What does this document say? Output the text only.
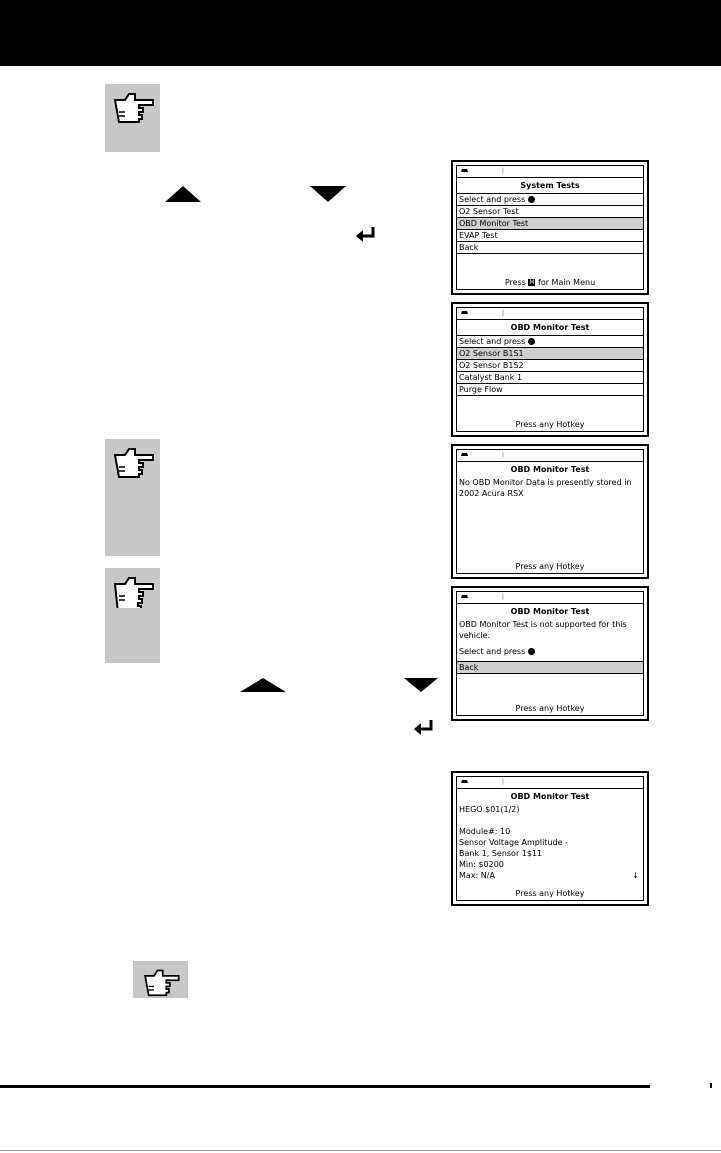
ᛒ
System Tests
Select and press
O2 Sensor Test
OBD Monitor Test
EVAP Test
Back
Press M for Main Menu
ᛒ
OBD Monitor Test
Select and press
O2 Sensor B1S1
O2 Sensor B1S2
Catalyst Bank 1
Purge Flow
Press any Hotkey
ᛒ
OBD Monitor Test
No OBD Monitor Data is presently stored in
2002 Acura RSX
Press any Hotkey
ᛒ
OBD Monitor Test
OBD Monitor Test is not supported for this
vehicle.
Select and press
Back
Press any Hotkey
ᛒ
OBD Monitor Test
HEGO $01(1/2)
Module#: 10
Sensor Voltage Amplitude -
Bank 1, Sensor 1$11
Min: $0200
Max: N/A	↓
Press any Hotkey
